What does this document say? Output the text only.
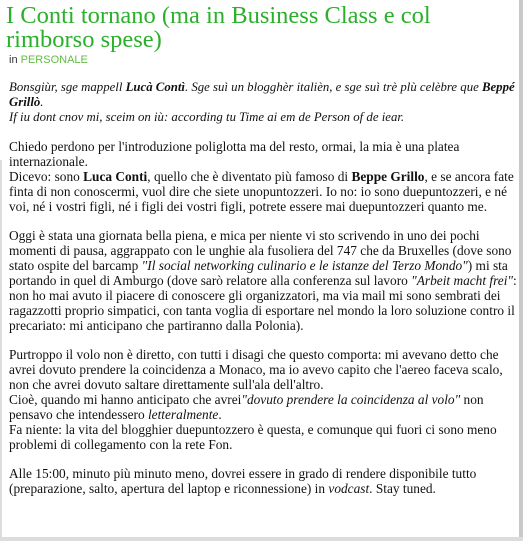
I Conti tornano (ma in Business Class e col rimborso spese)
in PERSONALE

Bonsgiùr, sge mappell Lucà Contì. Sge suì un blogghèr italièn, e sge suì trè plù celèbre que Beppé Grillò.
If iu dont cnov mi, sceim on iù: according tu Time ai em de Person of de iear.

Chiedo perdono per l'introduzione poliglotta ma del resto, ormai, la mia è una platea internazionale.
Dicevo: sono Luca Conti, quello che è diventato più famoso di Beppe Grillo, e se ancora fate finta di non conoscermi, vuol dire che siete unopuntozzeri. Io no: io sono duepuntozzeri, e né voi, né i vostri figli, né i figli dei vostri figli, potrete essere mai duepuntozzeri quanto me.

Oggi è stata una giornata bella piena, e mica per niente vi sto scrivendo in uno dei pochi momenti di pausa, aggrappato con le unghie ala fusoliera del 747 che da Bruxelles (dove sono stato ospite del barcamp "Il social networking culinario e le istanze del Terzo Mondo") mi sta portando in quel di Amburgo (dove sarò relatore alla conferenza sul lavoro "Arbeit macht frei": non ho mai avuto il piacere di conoscere gli organizzatori, ma via mail mi sono sembrati dei ragazzotti proprio simpatici, con tanta voglia di esportare nel mondo la loro soluzione contro il precariato: mi anticipano che partiranno dalla Polonia).

Purtroppo il volo non è diretto, con tutti i disagi che questo comporta: mi avevano detto che avrei dovuto prendere la coincidenza a Monaco, ma io avevo capito che l'aereo faceva scalo, non che avrei dovuto saltare direttamente sull'ala dell'altro.
Cioè, quando mi hanno anticipato che avrei"dovuto prendere la coincidenza al volo" non pensavo che intendessero letteralmente.
Fa niente: la vita del blogghier duepuntozzero è questa, e comunque qui fuori ci sono meno problemi di collegamento con la rete Fon.

Alle 15:00, minuto più minuto meno, dovrei essere in grado di rendere disponibile tutto (preparazione, salto, apertura del laptop e riconnessione) in vodcast. Stay tuned.
